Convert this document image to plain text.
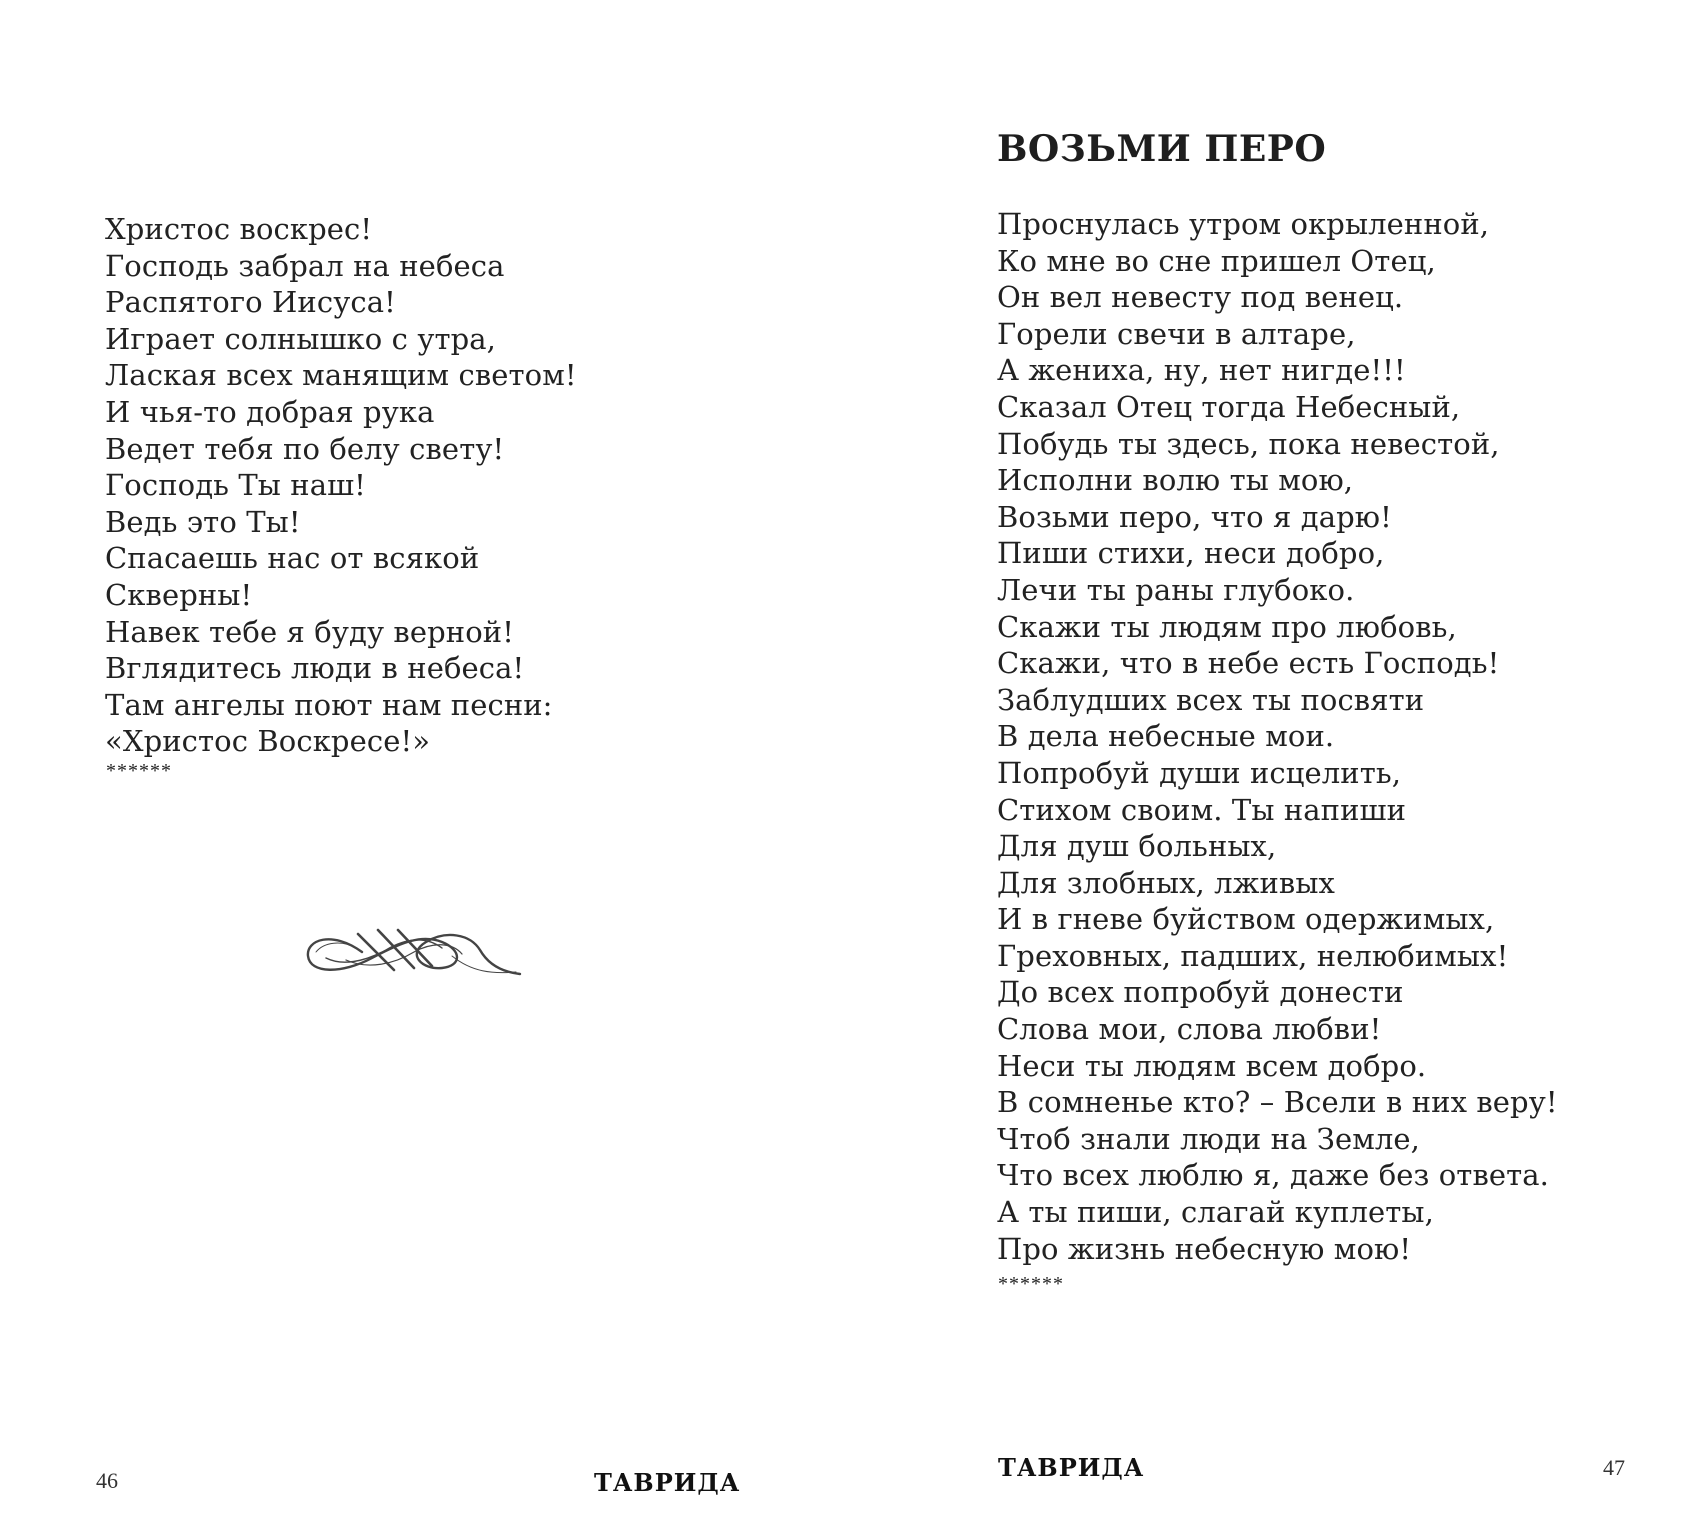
Христос воскрес!
Господь забрал на небеса
Распятого Иисуса!
Играет солнышко с утра,
Лаская всех манящим светом!
И чья-то добрая рука
Ведет тебя по белу свету!
Господь Ты наш!
Ведь это Ты!
Спасаешь нас от всякой
Скверны!
Навек тебе я буду верной!
Вглядитесь люди в небеса!
Там ангелы поют нам песни:
«Христос Воскресе!»
******
46	ТАВРИДА
ВОЗЬМИ ПЕРО
Проснулась утром окрыленной,
Ко мне во сне пришел Отец,
Он вел невесту под венец.
Горели свечи в алтаре,
А жениха, ну, нет нигде!!!
Сказал Отец тогда Небесный,
Побудь ты здесь, пока невестой,
Исполни волю ты мою,
Возьми перо, что я дарю!
Пиши стихи, неси добро,
Лечи ты раны глубоко.
Скажи ты людям про любовь,
Скажи, что в небе есть Господь!
Заблудших всех ты посвяти
В дела небесные мои.
Попробуй души исцелить,
Стихом своим. Ты напиши
Для душ больных,
Для злобных, лживых
И в гневе буйством одержимых,
Греховных, падших, нелюбимых!
До всех попробуй донести
Слова мои, слова любви!
Неси ты людям всем добро.
В сомненье кто? – Всели в них веру!
Чтоб знали люди на Земле,
Что всех люблю я, даже без ответа.
А ты пиши, слагай куплеты,
Про жизнь небесную мою!
******
ТАВРИДА	47
